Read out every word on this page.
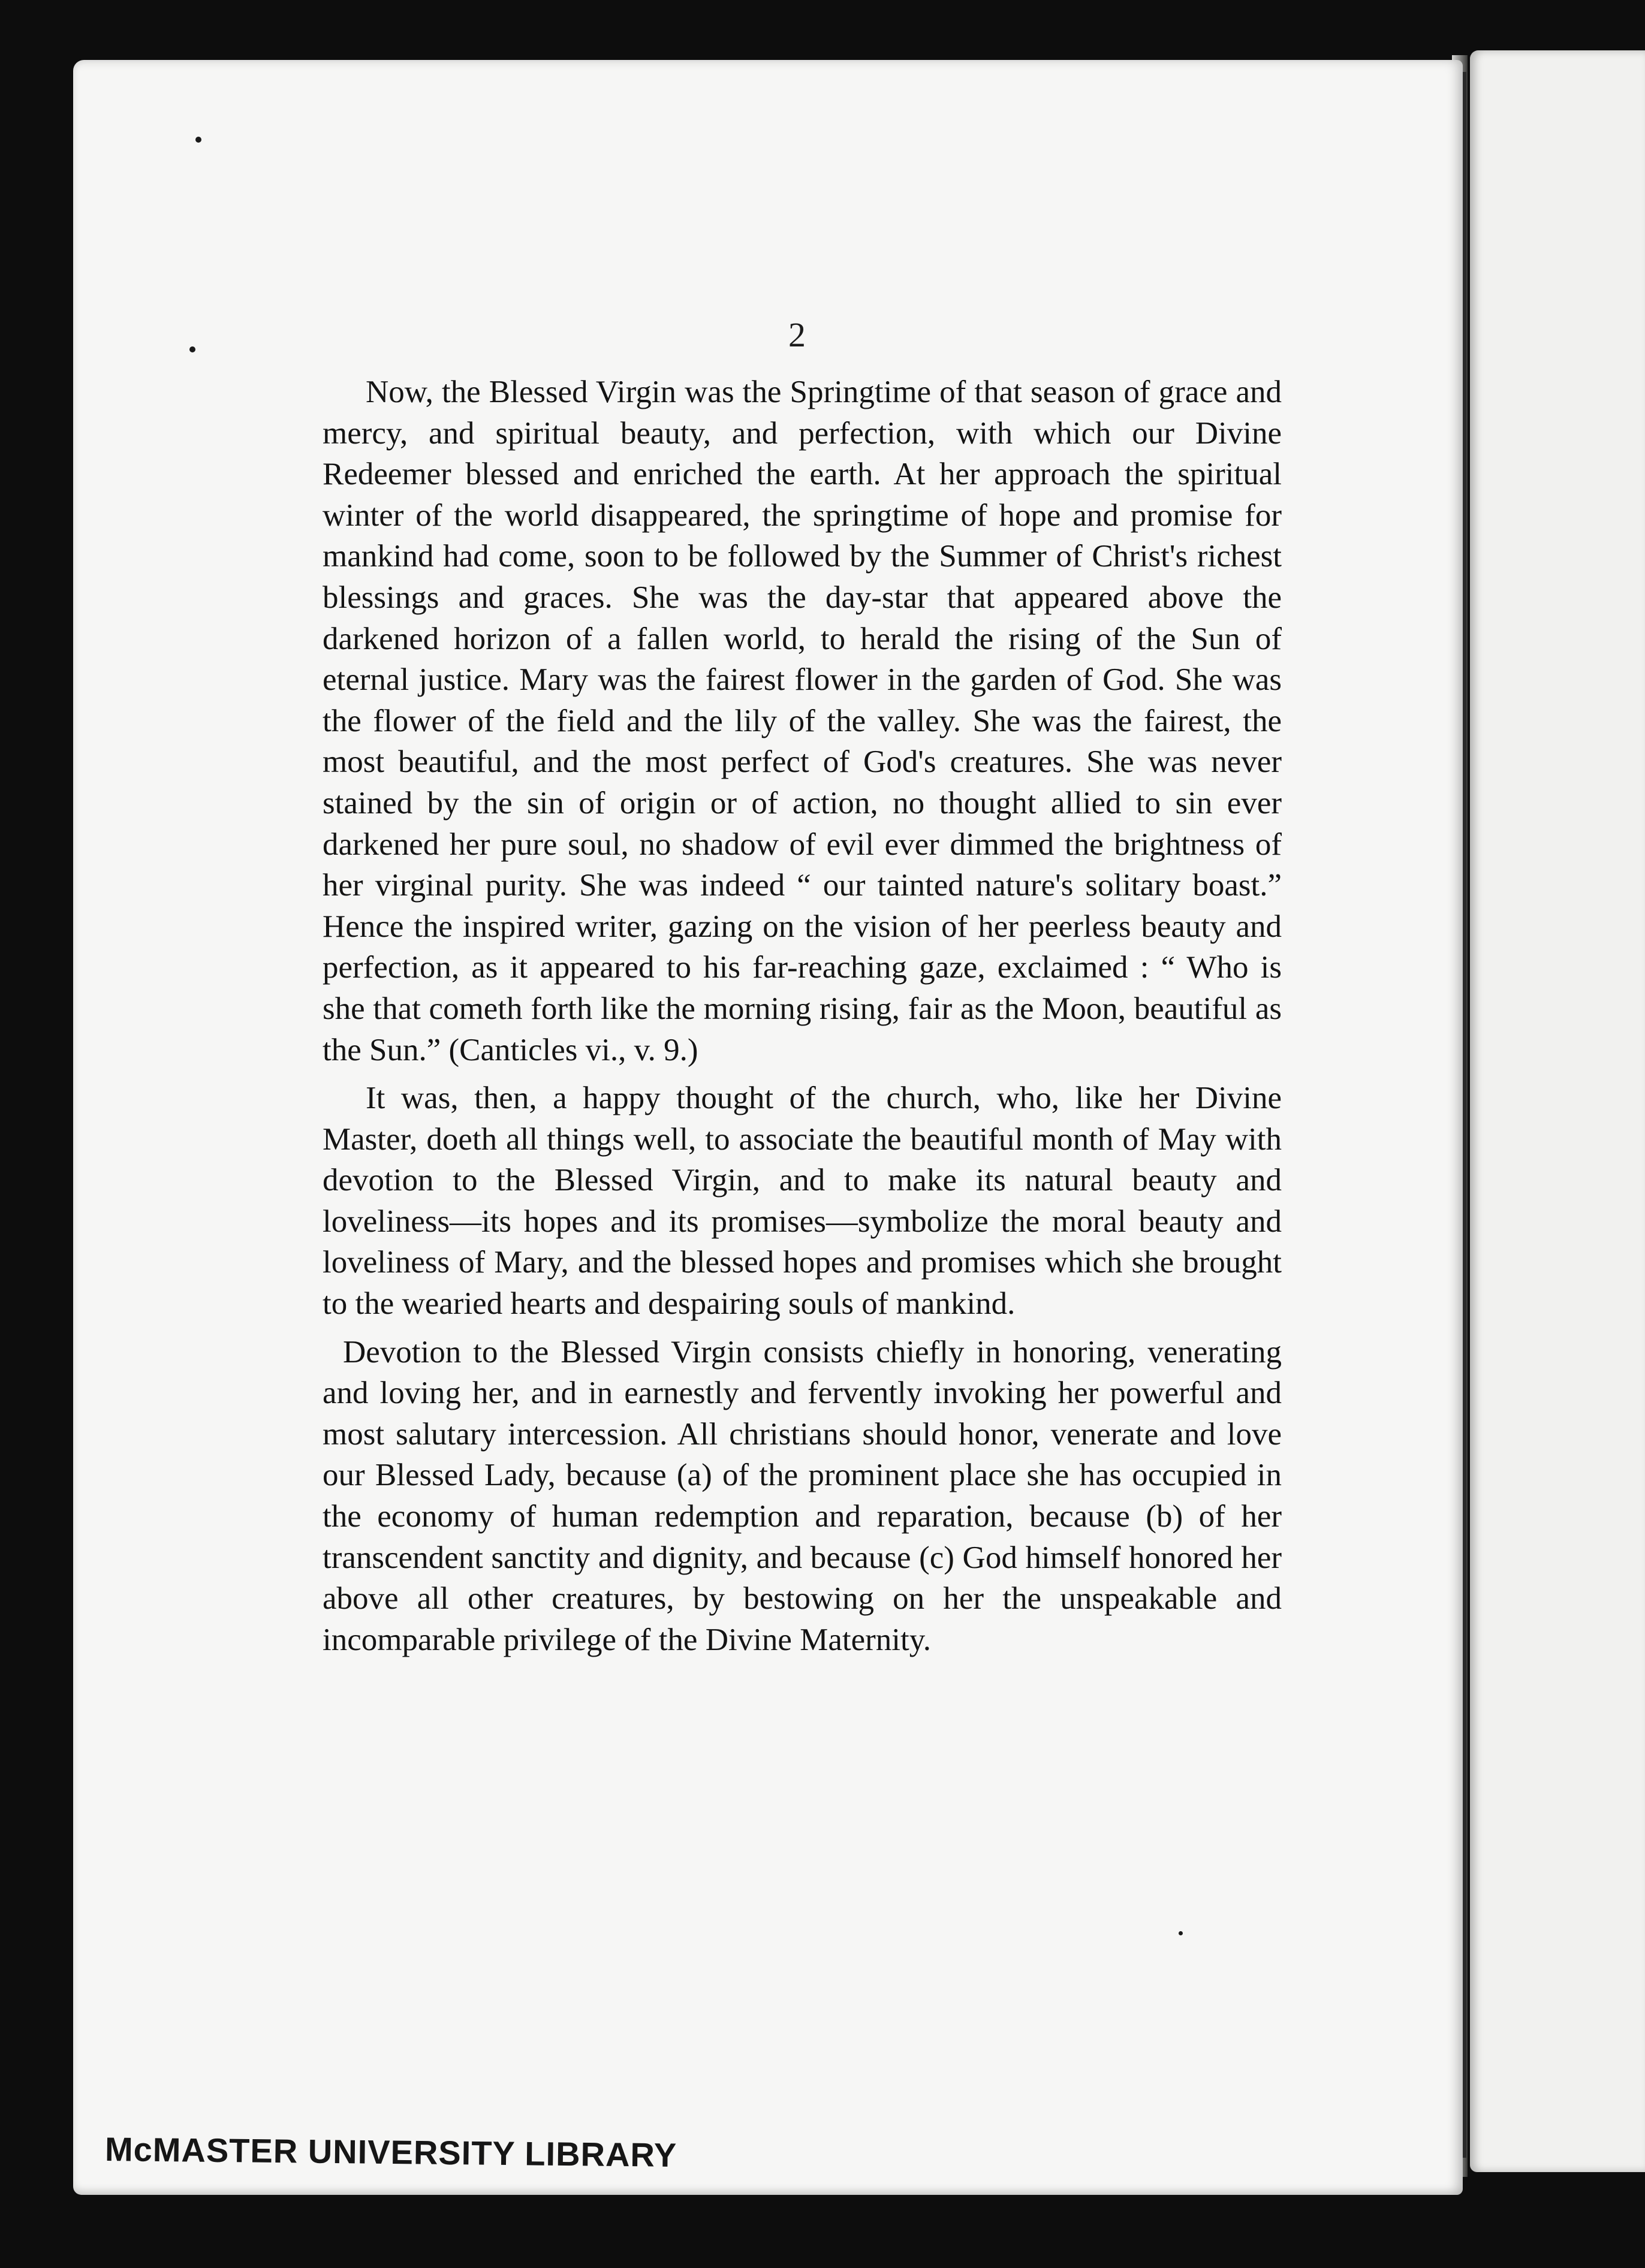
2

Now, the Blessed Virgin was the Springtime of that season of grace and mercy, and spiritual beauty, and perfection, with which our Divine Redeemer blessed and enriched the earth. At her approach the spiritual winter of the world disappeared, the springtime of hope and promise for mankind had come, soon to be followed by the Summer of Christ's richest blessings and graces. She was the day-star that appeared above the darkened horizon of a fallen world, to herald the rising of the Sun of eternal justice. Mary was the fairest flower in the garden of God. She was the flower of the field and the lily of the valley. She was the fairest, the most beautiful, and the most perfect of God's creatures. She was never stained by the sin of origin or of action, no thought allied to sin ever darkened her pure soul, no shadow of evil ever dimmed the brightness of her virginal purity. She was indeed “ our tainted nature's solitary boast.” Hence the inspired writer, gazing on the vision of her peerless beauty and perfection, as it appeared to his far-reaching gaze, exclaimed : “ Who is she that cometh forth like the morning rising, fair as the Moon, beautiful as the Sun.” (Canticles vi., v. 9.)

It was, then, a happy thought of the church, who, like her Divine Master, doeth all things well, to associate the beautiful month of May with devotion to the Blessed Virgin, and to make its natural beauty and loveliness—its hopes and its promises—symbolize the moral beauty and loveliness of Mary, and the blessed hopes and promises which she brought to the wearied hearts and despairing souls of mankind.

Devotion to the Blessed Virgin consists chiefly in honoring, venerating and loving her, and in earnestly and fervently invoking her powerful and most salutary intercession. All christians should honor, venerate and love our Blessed Lady, because (a) of the prominent place she has occupied in the economy of human redemption and reparation, because (b) of her transcendent sanctity and dignity, and because (c) God himself honored her above all other creatures, by bestowing on her the unspeakable and incomparable privilege of the Divine Maternity.

McMASTER UNIVERSITY LIBRARY
